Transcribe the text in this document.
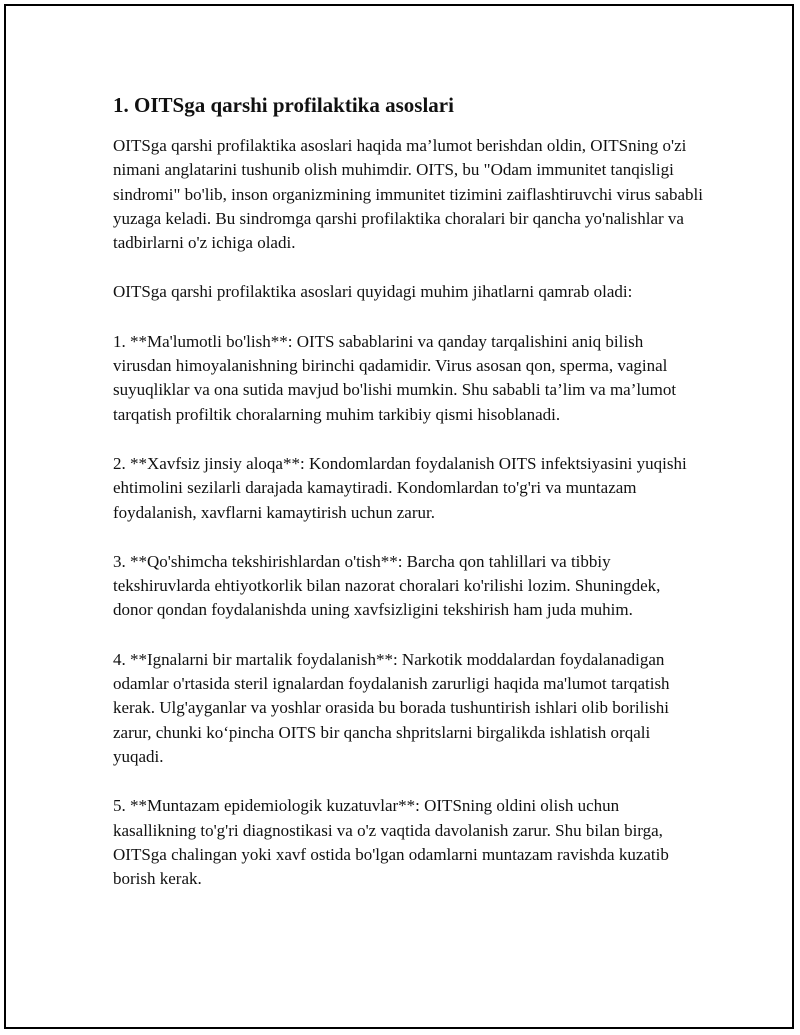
1. OITSga qarshi profilaktika asoslari

OITSga qarshi profilaktika asoslari haqida ma’lumot berishdan oldin, OITSning o'zi nimani anglatarini tushunib olish muhimdir. OITS, bu "Odam immunitet tanqisligi sindromi" bo'lib, inson organizmining immunitet tizimini zaiflashtiruvchi virus sababli yuzaga keladi. Bu sindromga qarshi profilaktika choralari bir qancha yo'nalishlar va tadbirlarni o'z ichiga oladi.

OITSga qarshi profilaktika asoslari quyidagi muhim jihatlarni qamrab oladi:

1. **Ma'lumotli bo'lish**: OITS sabablarini va qanday tarqalishini aniq bilish virusdan himoyalanishning birinchi qadamidir. Virus asosan qon, sperma, vaginal suyuqliklar va ona sutida mavjud bo'lishi mumkin. Shu sababli ta’lim va ma’lumot tarqatish profiltik choralarning muhim tarkibiy qismi hisoblanadi.

2. **Xavfsiz jinsiy aloqa**: Kondomlardan foydalanish OITS infektsiyasini yuqishi ehtimolini sezilarli darajada kamaytiradi. Kondomlardan to'g'ri va muntazam foydalanish, xavflarni kamaytirish uchun zarur.

3. **Qo'shimcha tekshirishlardan o'tish**: Barcha qon tahlillari va tibbiy tekshiruvlarda ehtiyotkorlik bilan nazorat choralari ko'rilishi lozim. Shuningdek, donor qondan foydalanishda uning xavfsizligini tekshirish ham juda muhim.

4. **Ignalarni bir martalik foydalanish**: Narkotik moddalardan foydalanadigan odamlar o'rtasida steril ignalardan foydalanish zarurligi haqida ma'lumot tarqatish kerak. Ulg'ayganlar va yoshlar orasida bu borada tushuntirish ishlari olib borilishi zarur, chunki ko‘pincha OITS bir qancha shpritslarni birgalikda ishlatish orqali yuqadi.

5. **Muntazam epidemiologik kuzatuvlar**: OITSning oldini olish uchun kasallikning to'g'ri diagnostikasi va o'z vaqtida davolanish zarur. Shu bilan birga, OITSga chalingan yoki xavf ostida bo'lgan odamlarni muntazam ravishda kuzatib borish kerak.
